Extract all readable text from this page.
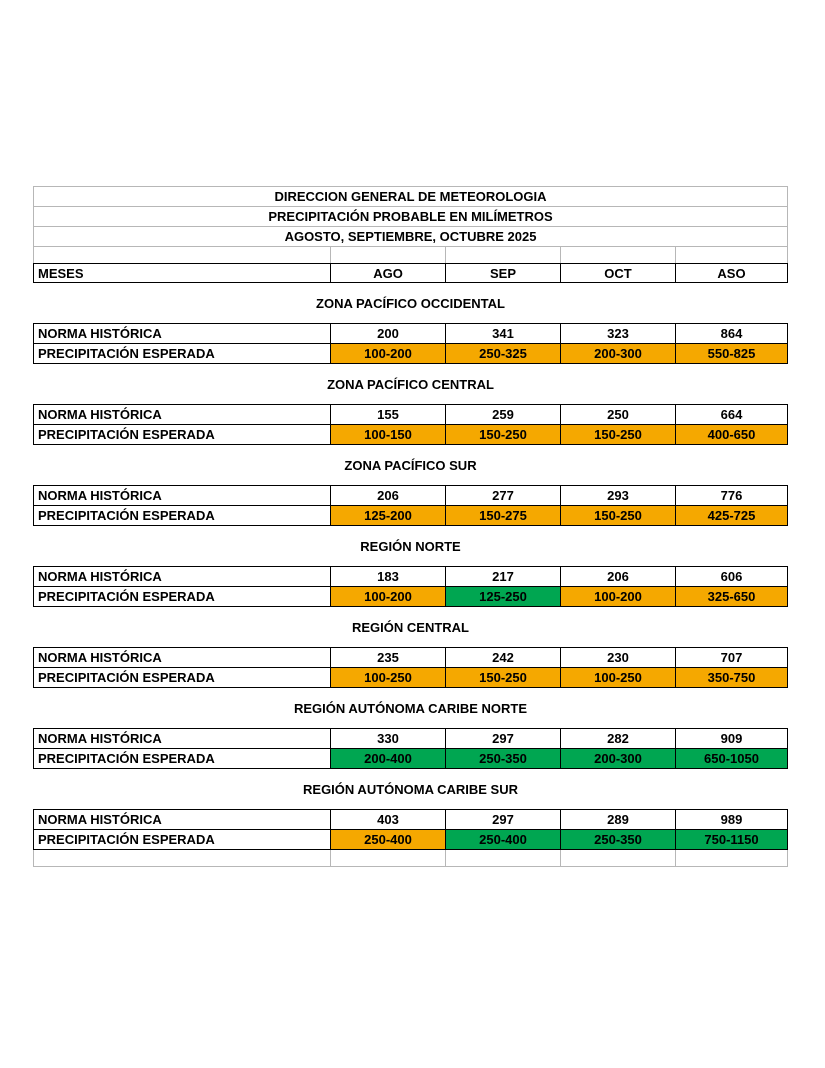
DIRECCION GENERAL DE METEOROLOGIA				
PRECIPITACIÓN PROBABLE EN MILÍMETROS				
AGOSTO, SEPTIEMBRE, OCTUBRE 2025				

MESES	AGO	SEP	OCT	ASO
ZONA PACÍFICO OCCIDENTAL				
NORMA HISTÓRICA	200	341	323	864
PRECIPITACIÓN ESPERADA	100-200	250-325	200-300	550-825
ZONA PACÍFICO CENTRAL				
NORMA HISTÓRICA	155	259	250	664
PRECIPITACIÓN ESPERADA	100-150	150-250	150-250	400-650
ZONA PACÍFICO SUR				
NORMA HISTÓRICA	206	277	293	776
PRECIPITACIÓN ESPERADA	125-200	150-275	150-250	425-725
REGIÓN NORTE				
NORMA HISTÓRICA	183	217	206	606
PRECIPITACIÓN ESPERADA	100-200	125-250	100-200	325-650
REGIÓN CENTRAL				
NORMA HISTÓRICA	235	242	230	707
PRECIPITACIÓN ESPERADA	100-250	150-250	100-250	350-750
REGIÓN AUTÓNOMA CARIBE NORTE				
NORMA HISTÓRICA	330	297	282	909
PRECIPITACIÓN ESPERADA	200-400	250-350	200-300	650-1050
REGIÓN AUTÓNOMA CARIBE SUR				
NORMA HISTÓRICA	403	297	289	989
PRECIPITACIÓN ESPERADA	250-400	250-400	250-350	750-1150
